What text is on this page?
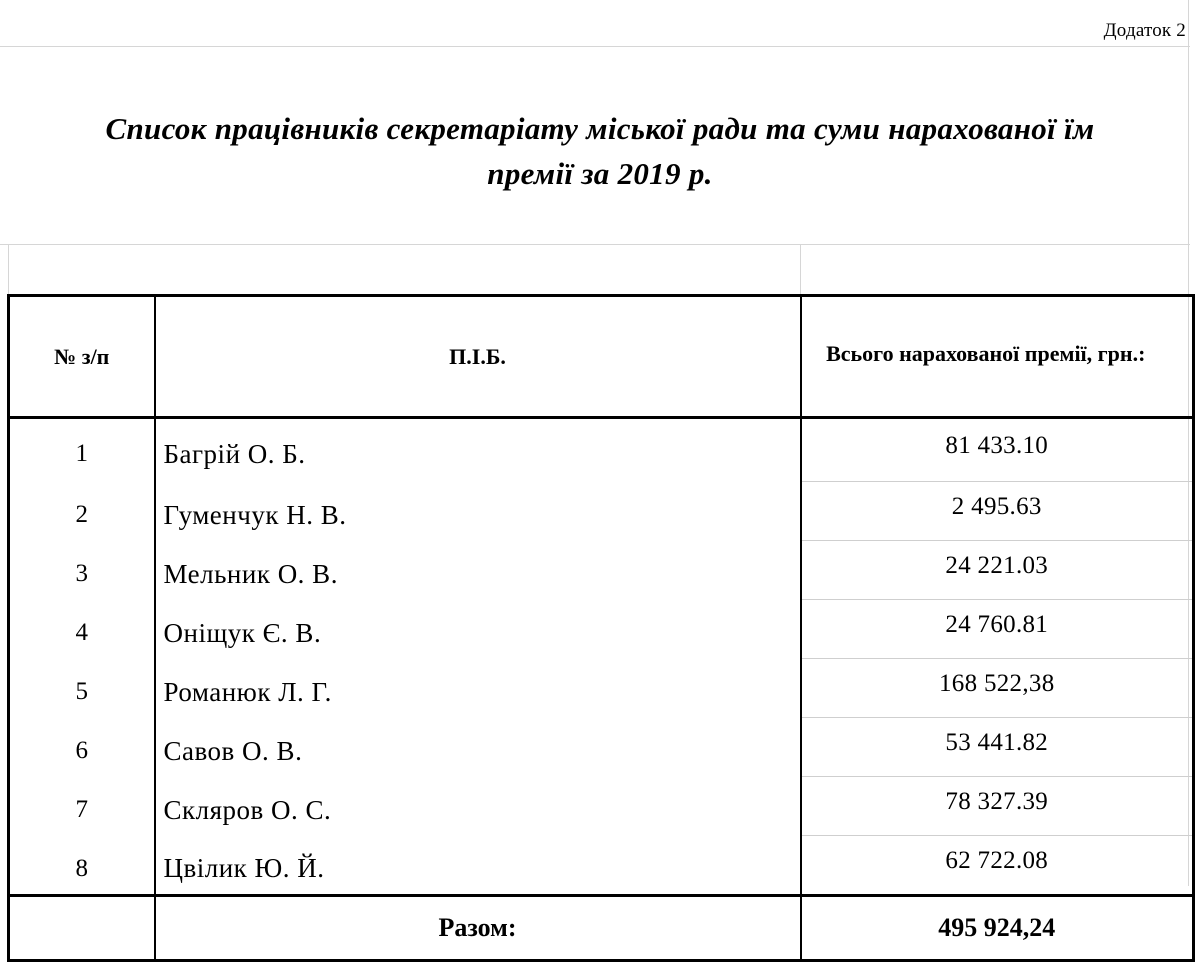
Додаток 2
Список працівників секретаріату міської ради та суми нарахованої їм
премії за 2019 р.
№ з/п	П.І.Б.	Всього нарахованої премії, грн.:
1	Багрій О. Б.	81 433.10
2	Гуменчук Н. В.	2 495.63
3	Мельник О. В.	24 221.03
4	Оніщук Є. В.	24 760.81
5	Романюк Л. Г.	168 522,38
6	Савов О. В.	53 441.82
7	Скляров О. С.	78 327.39
8	Цвілик Ю. Й.	62 722.08
	Разом:	495 924,24
